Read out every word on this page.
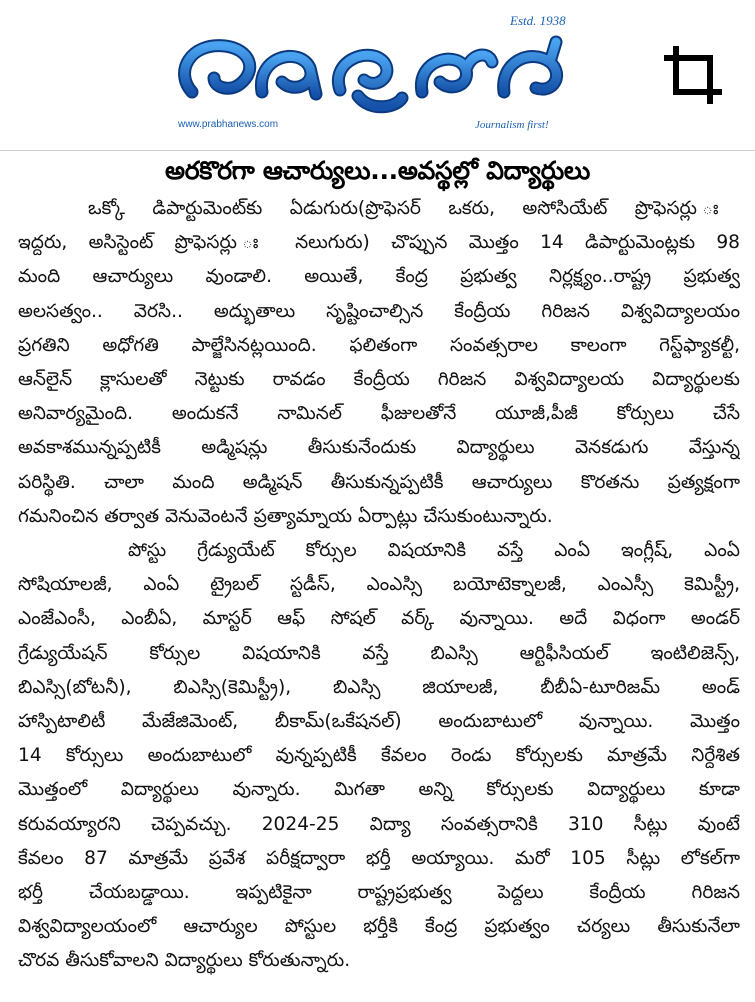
Estd. 1938
www.prabhanews.com	Journalism first!
అరకొరగా ఆచార్యులు...అవస్థల్లో విద్యార్థులు
ఒక్కో డిపార్టుమెంట్‌కు ఏడుగురు(ప్రొఫెసర్ ఒకరు, అసోసియేట్ ప్రొఫెసర్లు ః
ఇద్దరు, అసిస్టెంట్ ప్రొఫెసర్లు ః నలుగురు) చొప్పున మొత్తం 14 డిపార్టుమెంట్లకు 98
మంది ఆచార్యులు వుండాలి. అయితే, కేంద్ర ప్రభుత్వ నిర్లక్ష్యం..రాష్ట్ర ప్రభుత్వ
అలసత్వం.. వెరసి.. అద్భుతాలు సృష్టించాల్సిన కేంద్రీయ గిరిజన విశ్వవిద్యాలయం
ప్రగతిని అధోగతి పాల్జేసినట్లయింది. ఫలితంగా సంవత్సరాల కాలంగా గెస్ట్‌ఫ్యాకల్టీ,
ఆన్‌లైన్ క్లాసులతో నెట్టుకు రావడం కేంద్రీయ గిరిజన విశ్వవిద్యాలయ విద్యార్థులకు
అనివార్యమైంది. అందుకనే నామినల్ ఫీజులతోనే యూజీ,పీజీ కోర్సులు చేసే
అవకాశమున్నప్పటికీ అడ్మిషన్లు తీసుకునేందుకు విద్యార్థులు వెనకడుగు వేస్తున్న
పరిస్థితి. చాలా మంది అడ్మిషన్ తీసుకున్నప్పటికీ ఆచార్యులు కొరతను ప్రత్యక్షంగా
గమనించిన తర్వాత వెనువెంటనే ప్రత్యామ్నాయ ఏర్పాట్లు చేసుకుంటున్నారు.
పోస్టు గ్రేడ్యుయేట్ కోర్సుల విషయానికి వస్తే ఎంఏ ఇంగ్లీష్, ఎంఏ
సోషియాలజీ, ఎంఏ ట్రైబల్ స్టడీస్, ఎంఎస్సి బయోటెక్నాలజీ, ఎంఎస్సీ కెమిస్ట్రీ,
ఎంజేఎంసీ, ఎంబీఏ, మాస్టర్ ఆఫ్ సోషల్ వర్క్ వున్నాయి. అదే విధంగా అండర్
గ్రేడ్యుయేషన్ కోర్సుల విషయానికి వస్తే బిఎస్సి ఆర్టిఫీసియల్ ఇంటిలిజెన్స్,
బిఎస్సి(బోటనీ), బిఎస్సి(కెమిస్ట్రీ), బిఎస్సి జియాలజీ, బీబీఏ-టూరిజమ్ అండ్
హాస్పిటాలిటీ మేజేజిమెంట్, బీకామ్(ఒకేషనల్) అందుబాటులో వున్నాయి. మొత్తం
14 కోర్సులు అందుబాటులో వున్నప్పటికీ కేవలం రెండు కోర్సులకు మాత్రమే నిర్దేశిత
మొత్తంలో విద్యార్థులు వున్నారు. మిగతా అన్ని కోర్సులకు విద్యార్థులు కూడా
కరువయ్యారని చెప్పవచ్చు. 2024-25 విద్యా సంవత్సరానికి 310 సీట్లు వుంటే
కేవలం 87 మాత్రమే ప్రవేశ పరీక్షద్వారా భర్తీ అయ్యాయి. మరో 105 సీట్లు లోకల్‌గా
భర్తీ చేయబడ్డాయి. ఇప్పటికైనా రాష్ట్రప్రభుత్వ పెద్దలు కేంద్రీయ గిరిజన
విశ్వవిద్యాలయంలో ఆచార్యుల పోస్టుల భర్తీకి కేంద్ర ప్రభుత్వం చర్యలు తీసుకునేలా
చొరవ తీసుకోవాలని విద్యార్థులు కోరుతున్నారు.
